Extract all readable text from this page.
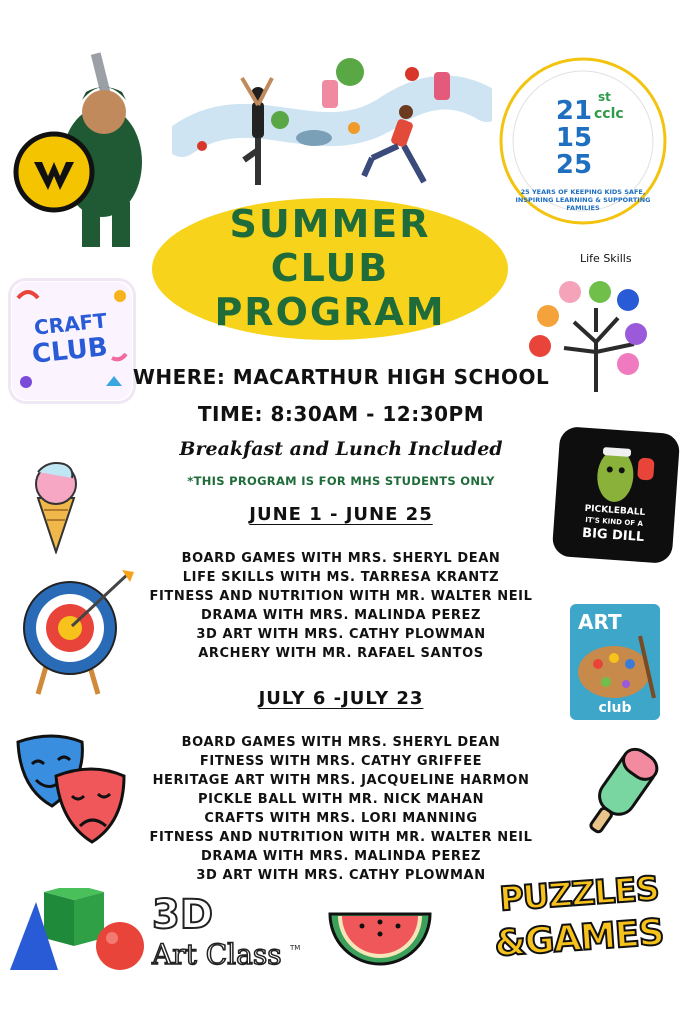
21 15 25
st
cclc
25 YEARS OF KEEPING KIDS SAFE, INSPIRING LEARNING & SUPPORTING FAMILIES
SUMMER
CLUB
PROGRAM
CRAFT
CLUB
Life Skills
WHERE: MACARTHUR HIGH SCHOOL
TIME: 8:30AM - 12:30PM
Breakfast and Lunch Included
*THIS PROGRAM IS FOR MHS STUDENTS ONLY
PICKLEBALL
IT'S KIND OF A
BIG DILL
JUNE 1 - JUNE 25
BOARD GAMES WITH MRS. SHERYL DEAN
LIFE SKILLS WITH MS. TARRESA KRANTZ
FITNESS AND NUTRITION WITH MR. WALTER NEIL
DRAMA WITH MRS. MALINDA PEREZ
3D ART WITH MRS. CATHY PLOWMAN
ARCHERY WITH MR. RAFAEL SANTOS
ART
club
JULY 6 -JULY 23
BOARD GAMES WITH MRS. SHERYL DEAN
FITNESS WITH MRS. CATHY GRIFFEE
HERITAGE ART WITH MRS. JACQUELINE HARMON
PICKLE BALL WITH MR. NICK MAHAN
CRAFTS WITH MRS. LORI MANNING
FITNESS AND NUTRITION WITH MR. WALTER NEIL
DRAMA WITH MRS. MALINDA PEREZ
3D ART WITH MRS. CATHY PLOWMAN
3D
Art Class TM
PUZZLES
&GAMES
